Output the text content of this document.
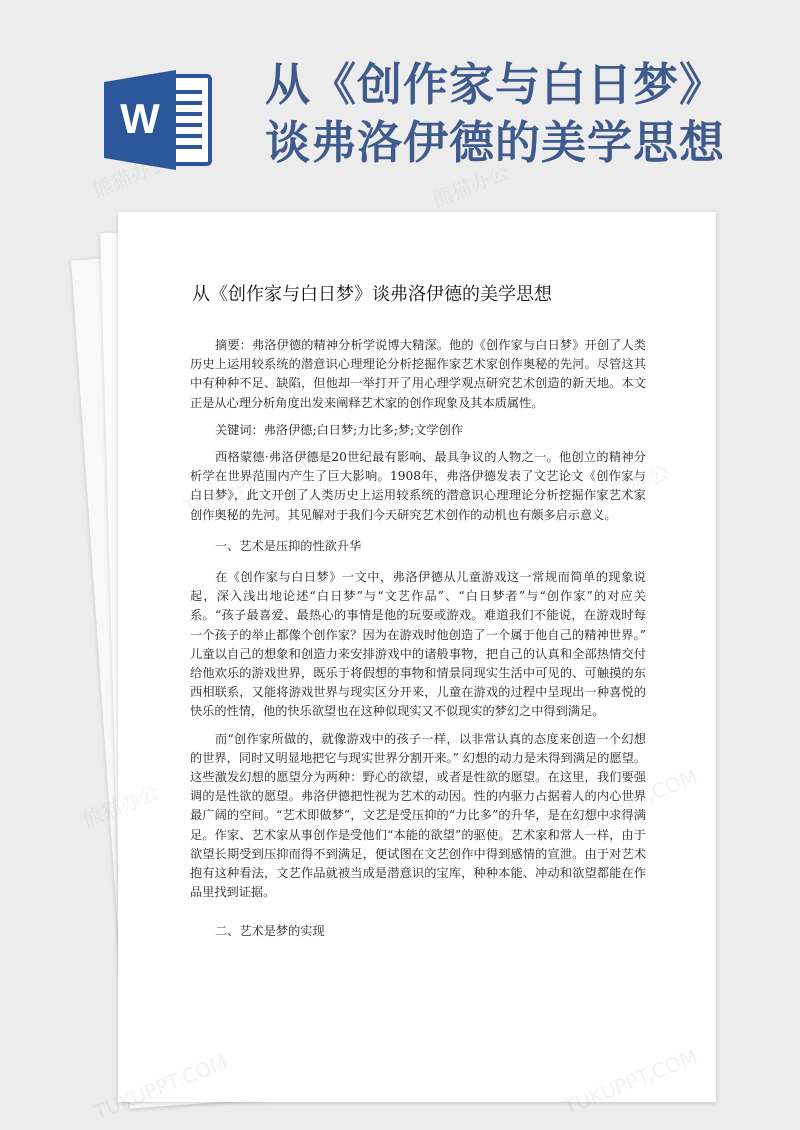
W
从《创作家与白日梦》
谈弗洛伊德的美学思想
从《创作家与白日梦》谈弗洛伊德的美学思想

摘要：弗洛伊德的精神分析学说博大精深。他的《创作家与白日梦》开创了人类历史上运用较系统的潜意识心理理论分析挖掘作家艺术家创作奥秘的先河。尽管这其中有种种不足、缺陷，但他却一举打开了用心理学观点研究艺术创造的新天地。本文正是从心理分析角度出发来阐释艺术家的创作现象及其本质属性。

关键词：弗洛伊德;白日梦;力比多;梦;文学创作

西格蒙德·弗洛伊德是20世纪最有影响、最具争议的人物之一。他创立的精神分析学在世界范围内产生了巨大影响。1908年，弗洛伊德发表了文艺论文《创作家与白日梦》，此文开创了人类历史上运用较系统的潜意识心理理论分析挖掘作家艺术家创作奥秘的先河。其见解对于我们今天研究艺术创作的动机也有颇多启示意义。

一、艺术是压抑的性欲升华

在《创作家与白日梦》一文中，弗洛伊德从儿童游戏这一常规而简单的现象说起，深入浅出地论述“白日梦”与“文艺作品”、“白日梦者”与“创作家”的对应关系。“孩子最喜爱、最热心的事情是他的玩耍或游戏。难道我们不能说，在游戏时每一个孩子的举止都像个创作家？因为在游戏时他创造了一个属于他自己的精神世界。” 儿童以自己的想象和创造力来安排游戏中的诸般事物，把自己的认真和全部热情交付给他欢乐的游戏世界，既乐于将假想的事物和情景同现实生活中可见的、可触摸的东西相联系，又能将游戏世界与现实区分开来，儿童在游戏的过程中呈现出一种喜悦的快乐的性情，他的快乐欲望也在这种似现实又不似现实的梦幻之中得到满足。

而“创作家所做的，就像游戏中的孩子一样，以非常认真的态度来创造一个幻想的世界，同时又明显地把它与现实世界分割开来。” 幻想的动力是未得到满足的愿望。这些激发幻想的愿望分为两种：野心的欲望，或者是性欲的愿望。在这里，我们要强调的是性欲的愿望。弗洛伊德把性视为艺术的动因。性的内驱力占据着人的内心世界最广阔的空间。“艺术即做梦”，文艺是受压抑的“力比多”的升华，是在幻想中求得满足。作家、艺术家从事创作是受他们“本能的欲望”的驱使。艺术家和常人一样，由于欲望长期受到压抑而得不到满足，便试图在文艺创作中得到感情的宣泄。由于对艺术抱有这种看法，文艺作品就被当成是潜意识的宝库，种种本能、冲动和欲望都能在作品里找到证据。

二、艺术是梦的实现
熊猫办公	熊猫办公
